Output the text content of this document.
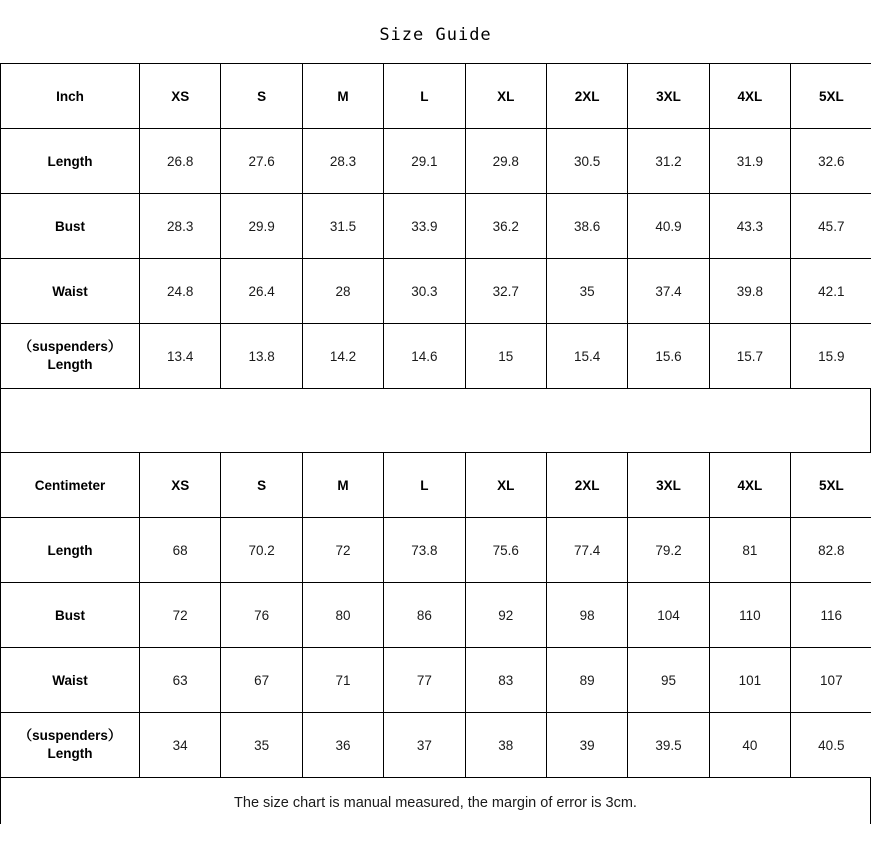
Size Guide
Inch	XS	S	M	L	XL	2XL	3XL	4XL	5XL
Length	26.8	27.6	28.3	29.1	29.8	30.5	31.2	31.9	32.6
Bust	28.3	29.9	31.5	33.9	36.2	38.6	40.9	43.3	45.7
Waist	24.8	26.4	28	30.3	32.7	35	37.4	39.8	42.1

（suspenders）
Length	13.4	13.8	14.2	14.6	15	15.4	15.6	15.7	15.9
Centimeter	XS	S	M	L	XL	2XL	3XL	4XL	5XL
Length	68	70.2	72	73.8	75.6	77.4	79.2	81	82.8
Bust	72	76	80	86	92	98	104	110	116
Waist	63	67	71	77	83	89	95	101	107

（suspenders）
Length	34	35	36	37	38	39	39.5	40	40.5
The size chart is manual measured, the margin of error is 3cm.
